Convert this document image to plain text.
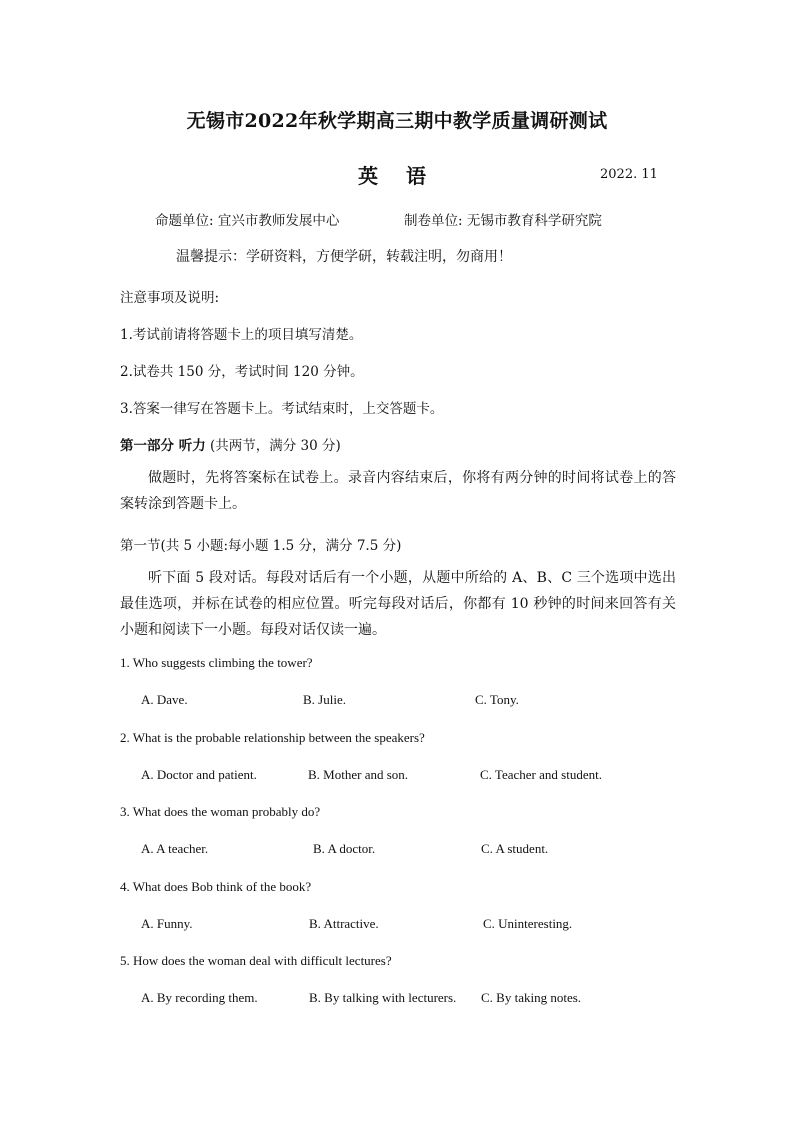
无锡市2022年秋学期高三期中教学质量调研测试
英语	2022. 11
命题单位: 宜兴市教师发展中心	制卷单位: 无锡市教育科学研究院
温馨提示：学研资料，方便学研，转载注明，勿商用！
注意事项及说明:
1.考试前请将答题卡上的项目填写清楚。
2.试卷共 150 分，考试时间 120 分钟。
3.答案一律写在答题卡上。考试结束时，上交答题卡。
第一部分 听力 (共两节，满分 30 分)
做题时，先将答案标在试卷上。录音内容结束后，你将有两分钟的时间将试卷上的答案转涂到答题卡上。
第一节(共 5 小题:每小题 1.5 分，满分 7.5 分)
听下面 5 段对话。每段对话后有一个小题，从题中所给的 A、B、C 三个选项中选出最佳选项，并标在试卷的相应位置。听完每段对话后，你都有 10 秒钟的时间来回答有关小题和阅读下一小题。每段对话仅读一遍。
1. Who suggests climbing the tower?
A. Dave.	B. Julie.	C. Tony.
2. What is the probable relationship between the speakers?
A. Doctor and patient.	B. Mother and son.	C. Teacher and student.
3. What does the woman probably do?
A. A teacher.	B. A doctor.	C. A student.
4. What does Bob think of the book?
A. Funny.	B. Attractive.	C. Uninteresting.
5. How does the woman deal with difficult lectures?
A. By recording them.	B. By talking with lecturers. C. By taking notes.
